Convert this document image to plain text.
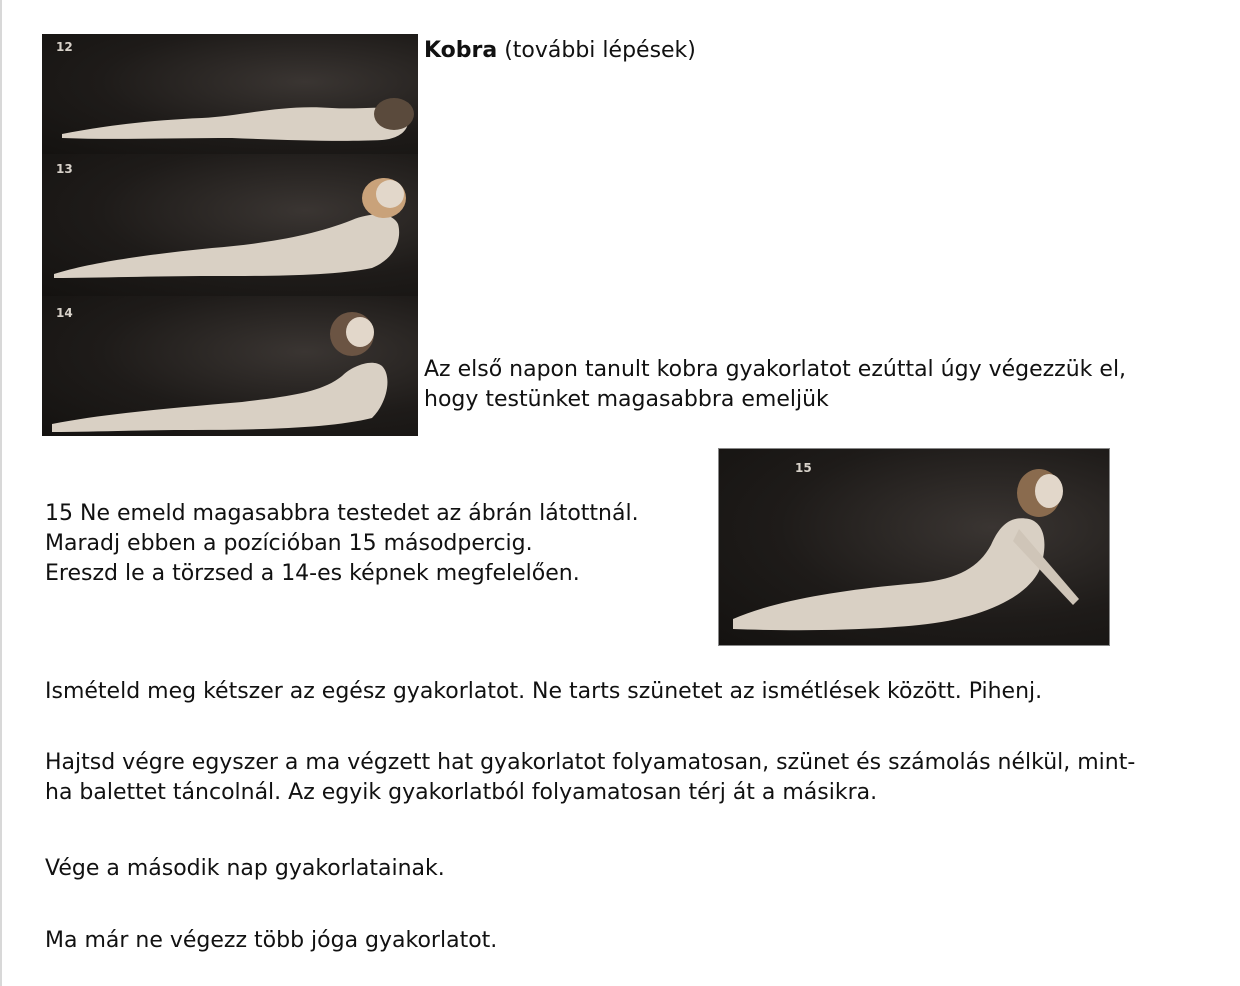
12
13
14
Kobra (további lépések)
Az első napon tanult kobra gyakorlatot ezúttal úgy végezzük el,
hogy testünket magasabbra emeljük
15
15 Ne emeld magasabbra testedet az ábrán látottnál.
Maradj ebben a pozícióban 15 másodpercig.
Ereszd le a törzsed a 14-es képnek megfelelően.
Ismételd meg kétszer az egész gyakorlatot. Ne tarts szünetet az ismétlések között. Pihenj.
Hajtsd végre egyszer a ma végzett hat gyakorlatot folyamatosan, szünet és számolás nélkül, mint-
ha balettet táncolnál. Az egyik gyakorlatból folyamatosan térj át a másikra.
Vége a második nap gyakorlatainak.
Ma már ne végezz több jóga gyakorlatot.
